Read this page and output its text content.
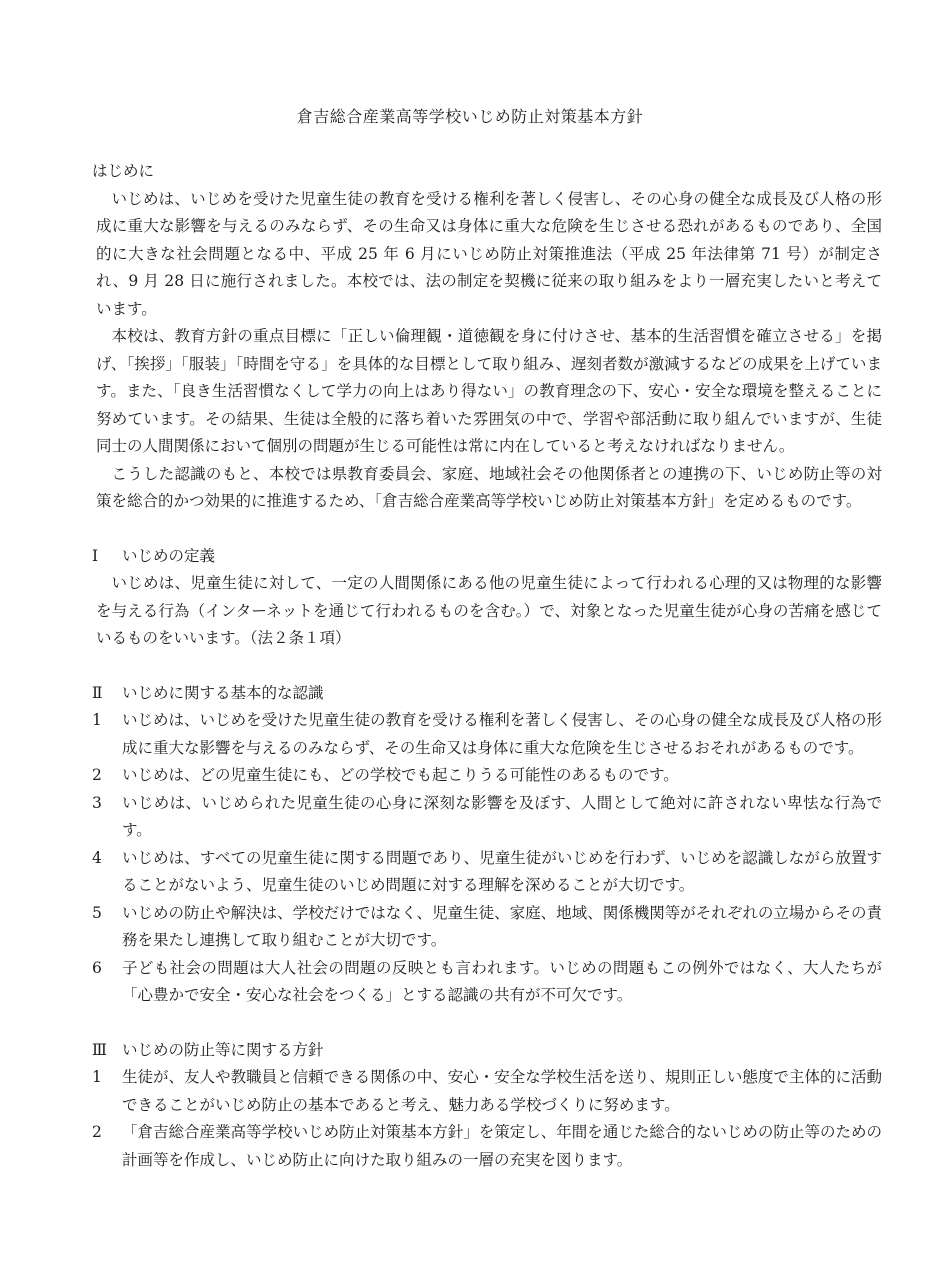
倉吉総合産業高等学校いじめ防止対策基本方針
はじめに

いじめは、いじめを受けた児童生徒の教育を受ける権利を著しく侵害し、その心身の健全な成長及び人格の形成に重大な影響を与えるのみならず、その生命又は身体に重大な危険を生じさせる恐れがあるものであり、全国的に大きな社会問題となる中、平成 25 年 6 月にいじめ防止対策推進法（平成 25 年法律第 71 号）が制定され、9 月 28 日に施行されました。本校では、法の制定を契機に従来の取り組みをより一層充実したいと考えています。

本校は、教育方針の重点目標に「正しい倫理観・道徳観を身に付けさせ、基本的生活習慣を確立させる」を掲げ、「挨拶」「服装」「時間を守る」を具体的な目標として取り組み、遅刻者数が激減するなどの成果を上げています。また、「良き生活習慣なくして学力の向上はあり得ない」の教育理念の下、安心・安全な環境を整えることに努めています。その結果、生徒は全般的に落ち着いた雰囲気の中で、学習や部活動に取り組んでいますが、生徒同士の人間関係において個別の問題が生じる可能性は常に内在していると考えなければなりません。

こうした認識のもと、本校では県教育委員会、家庭、地域社会その他関係者との連携の下、いじめ防止等の対策を総合的かつ効果的に推進するため、「倉吉総合産業高等学校いじめ防止対策基本方針」を定めるものです。

Ⅰ いじめの定義

いじめは、児童生徒に対して、一定の人間関係にある他の児童生徒によって行われる心理的又は物理的な影響を与える行為（インターネットを通じて行われるものを含む。）で、対象となった児童生徒が心身の苦痛を感じているものをいいます。（法２条１項）

Ⅱ いじめに関する基本的な認識
1	いじめは、いじめを受けた児童生徒の教育を受ける権利を著しく侵害し、その心身の健全な成長及び人格の形成に重大な影響を与えるのみならず、その生命又は身体に重大な危険を生じさせるおそれがあるものです。
2	いじめは、どの児童生徒にも、どの学校でも起こりうる可能性のあるものです。
3	いじめは、いじめられた児童生徒の心身に深刻な影響を及ぼす、人間として絶対に許されない卑怯な行為です。
4	いじめは、すべての児童生徒に関する問題であり、児童生徒がいじめを行わず、いじめを認識しながら放置することがないよう、児童生徒のいじめ問題に対する理解を深めることが大切です。
5	いじめの防止や解決は、学校だけではなく、児童生徒、家庭、地域、関係機関等がそれぞれの立場からその責務を果たし連携して取り組むことが大切です。
6	子ども社会の問題は大人社会の問題の反映とも言われます。いじめの問題もこの例外ではなく、大人たちが「心豊かで安全・安心な社会をつくる」とする認識の共有が不可欠です。
Ⅲ いじめの防止等に関する方針
1	生徒が、友人や教職員と信頼できる関係の中、安心・安全な学校生活を送り、規則正しい態度で主体的に活動できることがいじめ防止の基本であると考え、魅力ある学校づくりに努めます。
2	「倉吉総合産業高等学校いじめ防止対策基本方針」を策定し、年間を通じた総合的ないじめの防止等のための計画等を作成し、いじめ防止に向けた取り組みの一層の充実を図ります。
